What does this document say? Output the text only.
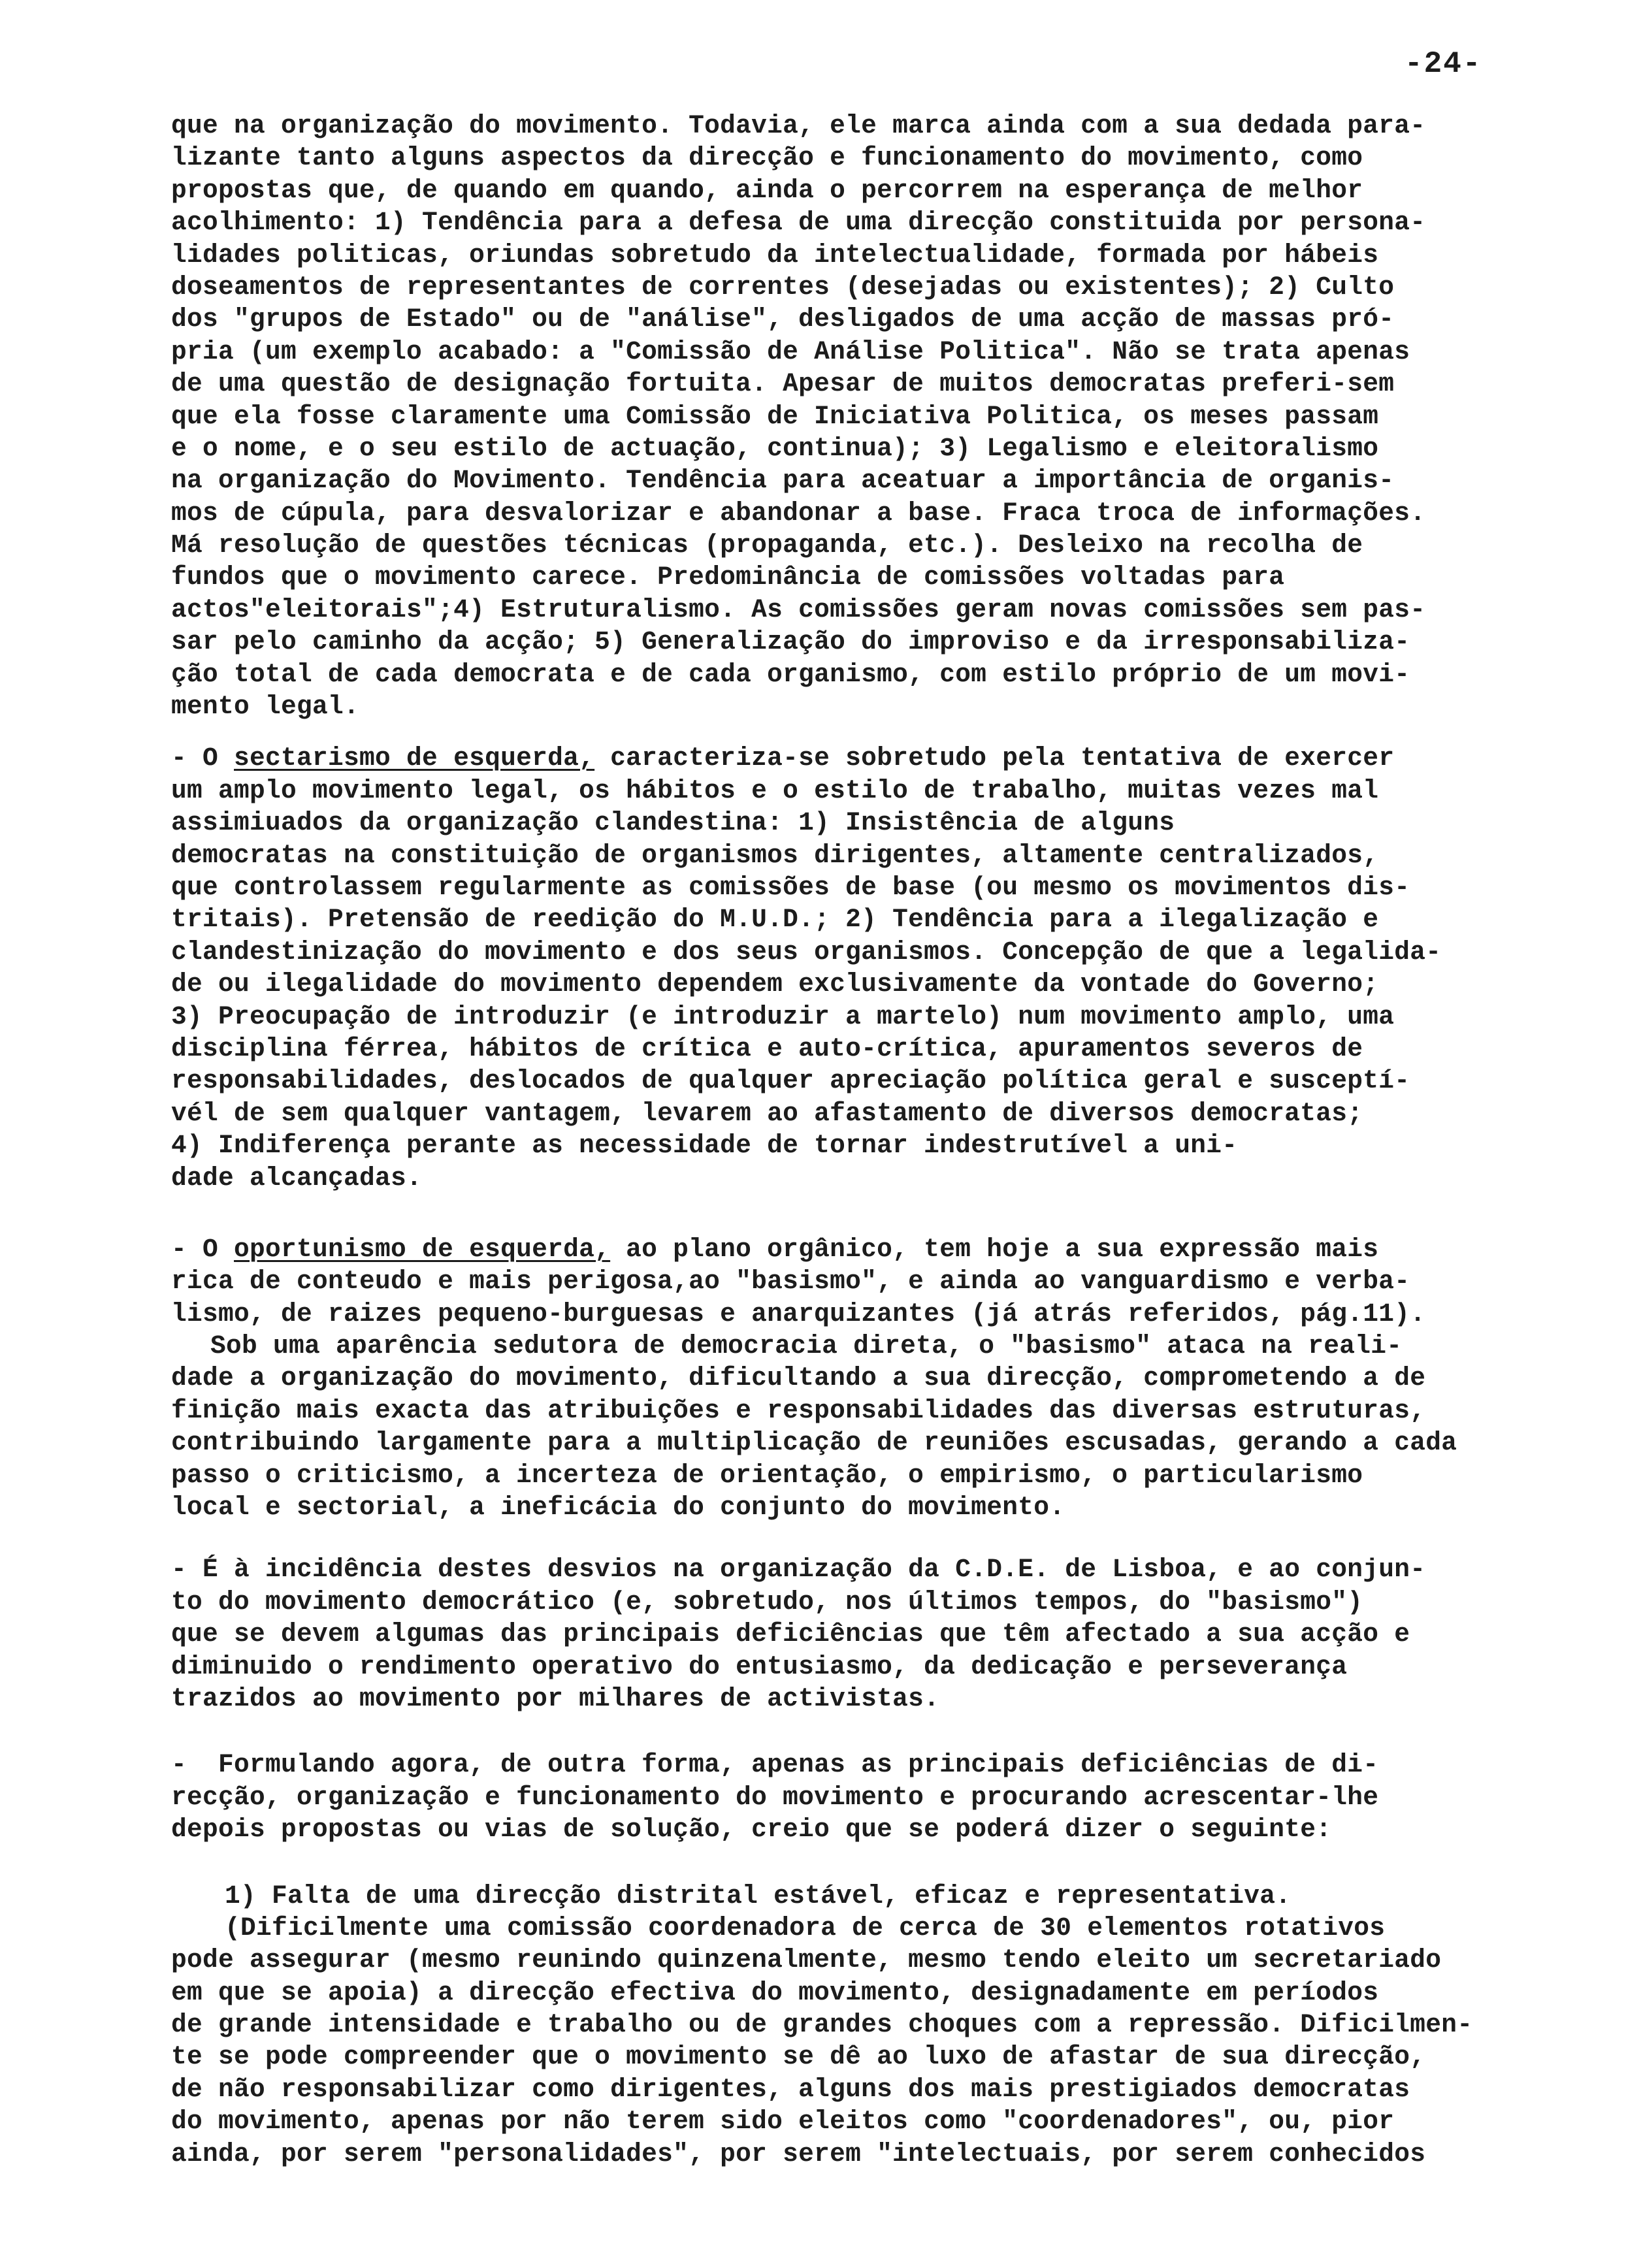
-24-
que na organização do movimento. Todavia, ele marca ainda com a sua dedada para-
lizante tanto alguns aspectos da direcção e funcionamento do movimento, como
propostas que, de quando em quando, ainda o percorrem na esperança de melhor
acolhimento: 1) Tendência para a defesa de uma direcção constituida por persona-
lidades politicas, oriundas sobretudo da intelectualidade, formada por hábeis
doseamentos de representantes de correntes (desejadas ou existentes); 2) Culto
dos "grupos de Estado" ou de "análise", desligados de uma acção de massas pró-
pria (um exemplo acabado: a "Comissão de Análise Politica". Não se trata apenas
de uma questão de designação fortuita. Apesar de muitos democratas preferi-sem
que ela fosse claramente uma Comissão de Iniciativa Politica, os meses passam
e o nome, e o seu estilo de actuação, continua); 3) Legalismo e eleitoralismo
na organização do Movimento. Tendência para aceatuar a importância de organis-
mos de cúpula, para desvalorizar e abandonar a base. Fraca troca de informações.
Má resolução de questões técnicas (propaganda, etc.). Desleixo na recolha de
fundos que o movimento carece. Predominância de comissões voltadas para
actos"eleitorais";4) Estruturalismo. As comissões geram novas comissões sem pas-
sar pelo caminho da acção; 5) Generalização do improviso e da irresponsabiliza-
ção total de cada democrata e de cada organismo, com estilo próprio de um movi-
mento legal.
- O sectarismo de esquerda, caracteriza-se sobretudo pela tentativa de exercer
um amplo movimento legal, os hábitos e o estilo de trabalho, muitas vezes mal
assimiuados da organização clandestina: 1) Insistência de alguns
democratas na constituição de organismos dirigentes, altamente centralizados,
que controlassem regularmente as comissões de base (ou mesmo os movimentos dis-
tritais). Pretensão de reedição do M.U.D.; 2) Tendência para a ilegalização e
clandestinização do movimento e dos seus organismos. Concepção de que a legalida-
de ou ilegalidade do movimento dependem exclusivamente da vontade do Governo;
3) Preocupação de introduzir (e introduzir a martelo) num movimento amplo, uma
disciplina férrea, hábitos de crítica e auto-crítica, apuramentos severos de
responsabilidades, deslocados de qualquer apreciação política geral e susceptí-
vél de sem qualquer vantagem, levarem ao afastamento de diversos democratas;
4) Indiferença perante as necessidade de tornar indestrutível a uni-
dade alcançadas.
- O oportunismo de esquerda, ao plano orgânico, tem hoje a sua expressão mais
rica de conteudo e mais perigosa,ao "basismo", e ainda ao vanguardismo e verba-
lismo, de raizes pequeno-burguesas e anarquizantes (já atrás referidos, pág.11).
Sob uma aparência sedutora de democracia direta, o "basismo" ataca na reali-
dade a organização do movimento, dificultando a sua direcção, comprometendo a de
finição mais exacta das atribuições e responsabilidades das diversas estruturas,
contribuindo largamente para a multiplicação de reuniões escusadas, gerando a cada
passo o criticismo, a incerteza de orientação, o empirismo, o particularismo
local e sectorial, a ineficácia do conjunto do movimento.
- É à incidência destes desvios na organização da C.D.E. de Lisboa, e ao conjun-
to do movimento democrático (e, sobretudo, nos últimos tempos, do "basismo")
que se devem algumas das principais deficiências que têm afectado a sua acção e
diminuido o rendimento operativo do entusiasmo, da dedicação e perseverança
trazidos ao movimento por milhares de activistas.
-  Formulando agora, de outra forma, apenas as principais deficiências de di-
recção, organização e funcionamento do movimento e procurando acrescentar-lhe
depois propostas ou vias de solução, creio que se poderá dizer o seguinte:
1) Falta de uma direcção distrital estável, eficaz e representativa.
(Dificilmente uma comissão coordenadora de cerca de 30 elementos rotativos
pode assegurar (mesmo reunindo quinzenalmente, mesmo tendo eleito um secretariado
em que se apoia) a direcção efectiva do movimento, designadamente em períodos
de grande intensidade e trabalho ou de grandes choques com a repressão. Dificilmen-
te se pode compreender que o movimento se dê ao luxo de afastar de sua direcção,
de não responsabilizar como dirigentes, alguns dos mais prestigiados democratas
do movimento, apenas por não terem sido eleitos como "coordenadores", ou, pior
ainda, por serem "personalidades", por serem "intelectuais, por serem conhecidos
